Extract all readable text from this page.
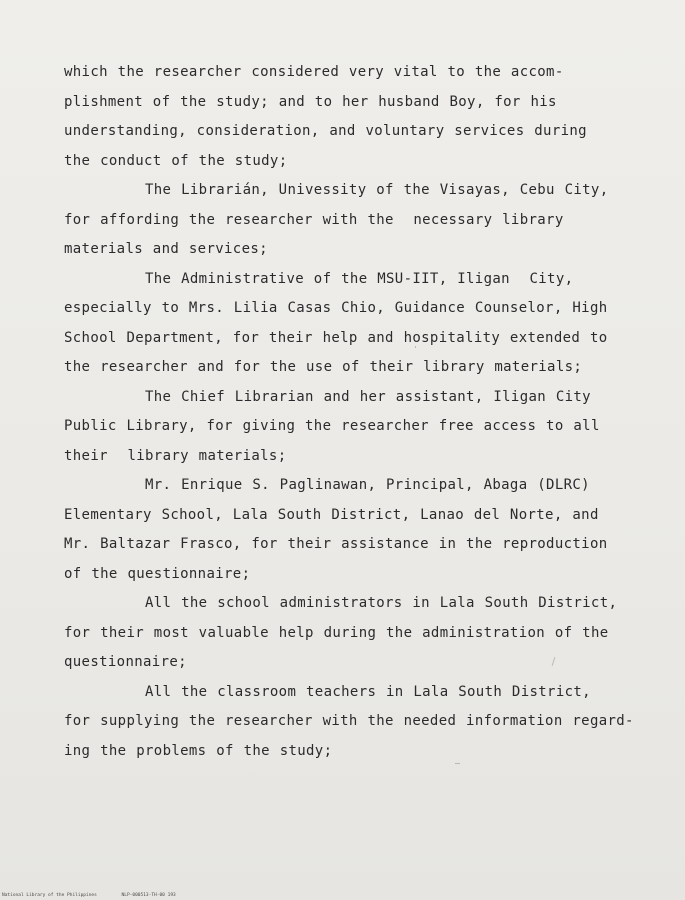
which the researcher considered very vital to the accom-
plishment of the study; and to her husband Boy, for his
understanding, consideration, and voluntary services during
the conduct of the study;
The Librarián, Univessity of the Visayas, Cebu City,
for affording the researcher with the  necessary library
materials and services;
The Administrative of the MSU-IIT, Iligan  City,
especially to Mrs. Lilia Casas Chio, Guidance Counselor, High
School Department, for their help and hospitality extended to
the researcher and for the use of their library materials;
The Chief Librarian and her assistant, Iligan City
Public Library, for giving the researcher free access to all
their  library materials;
Mr. Enrique S. Paglinawan, Principal, Abaga (DLRC)
Elementary School, Lala South District, Lanao del Norte, and
Mr. Baltazar Frasco, for their assistance in the reproduction
of the questionnaire;
All the school administrators in Lala South District,
for their most valuable help during the administration of the
questionnaire;
All the classroom teachers in Lala South District,
for supplying the researcher with the needed information regard-
ing the problems of the study;
National Library of the Philippines	NLP-000513-TH-00 193
